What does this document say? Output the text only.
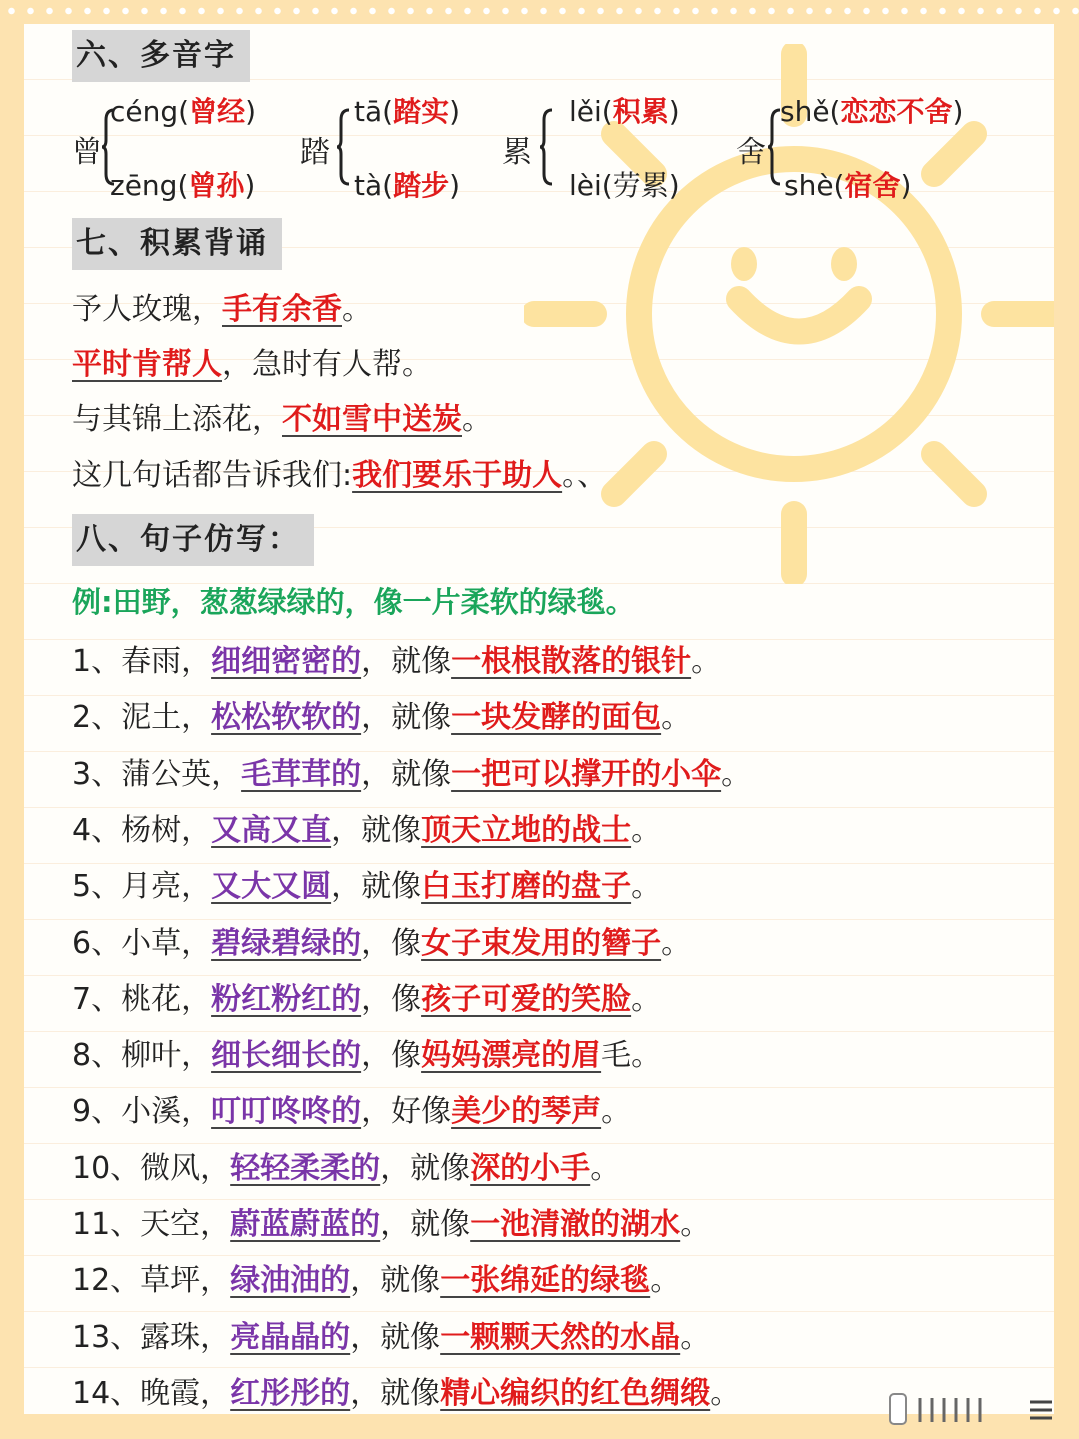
六、多音字
曾
céng(曾经)
zēng(曾孙)
踏
tā(踏实)
tà(踏步)
累
lěi(积累)
lèi(劳累)
舍
shě(恋恋不舍)
shè(宿舍)
七、积累背诵
予人玫瑰，手有余香。
平时肯帮人，急时有人帮。
与其锦上添花，不如雪中送炭。
这几句话都告诉我们:我们要乐于助人。、
八、句子仿写：
例:田野，葱葱绿绿的，像一片柔软的绿毯。
1、春雨，细细密密的，就像一根根散落的银针。
2、泥土，松松软软的，就像一块发酵的面包。
3、蒲公英，毛茸茸的，就像一把可以撑开的小伞。
4、杨树，又高又直，就像顶天立地的战士。
5、月亮，又大又圆，就像白玉打磨的盘子。
6、小草，碧绿碧绿的，像女子束发用的簪子。
7、桃花，粉红粉红的，像孩子可爱的笑脸。
8、柳叶，细长细长的，像妈妈漂亮的眉毛。
9、小溪，叮叮咚咚的，好像美少的琴声。
10、微风，轻轻柔柔的，就像深的小手。
11、天空，蔚蓝蔚蓝的，就像一池清澈的湖水。
12、草坪，绿油油的，就像一张绵延的绿毯。
13、露珠，亮晶晶的，就像一颗颗天然的水晶。
14、晚霞，红彤彤的，就像精心编织的红色绸缎。
